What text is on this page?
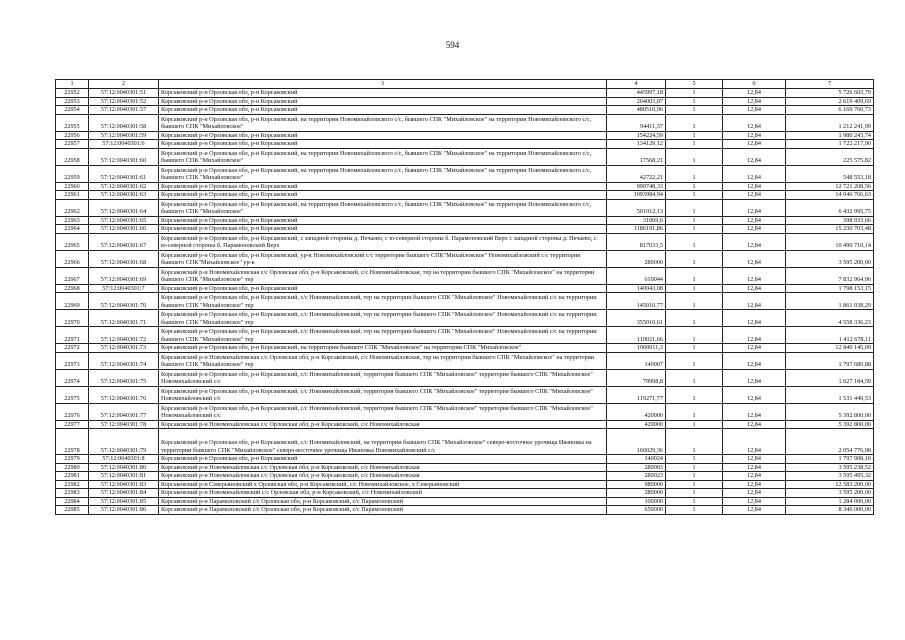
594
1	2	3	4	5	6	7
22952	57:12:0040301:51	Корсаковский р-н Орловская обл, р-н Корсаковский	445997,18	1	12,84	5 726 603,79
22953	57:12:0040301:52	Корсаковский р-н Орловская обл, р-н Корсаковский	204003,87	1	12,84	2 619 409,69
22954	57:12:0040301:57	Корсаковский р-н Орловская обл, р-н Корсаковский	480510,96	1	12,84	6 169 760,73
22955	57:12:0040301:58	Корсаковский р-н Орловская обл, р-н Корсаковский, на территории Новомихайловского с/с, бывшего СПК "Михайловское" на территории Новомихайловского с/с, бывшего СПК "Михайловское"	94411,37	1	12,84	1 212 241,99
22956	57:12:0040301:59	Корсаковский р-н Орловская обл, р-н Корсаковский	154224,59	1	12,84	1 980 243,74
22957	57:12:0040301:6	Корсаковский р-н Орловская обл, р-н Корсаковский	134129,12	1	12,84	1 722 217,90
22958	57:12:0040301:60	Корсаковский р-н Орловская обл, р-н Корсаковский, на территории Новомихайловского с/с, бывшего СПК "Михайловское" на территории Новомихайловского с/с, бывшего СПК "Михайловское"	17568,21	1	12,84	225 575,82
22959	57:12:0040301:61	Корсаковский р-н Орловская обл, р-н Корсаковский, на территории Новомихайловского с/с, бывшего СПК "Михайловское" на территории Новомихайловского с/с, бывшего СПК "Михайловское"	42722,21	1	12,84	548 553,18
22960	57:12:0040301:62	Корсаковский р-н Орловская обл, р-н Корсаковский	990748,33	1	12,84	12 721 208,56
22961	57:12:0040301:63	Корсаковский р-н Орловская обл, р-н Корсаковский	1093984,94	1	12,84	14 046 766,63
22962	57:12:0040301:64	Корсаковский р-н Орловская обл, р-н Корсаковский, на территории Новомихайловского с/с, бывшего СПК "Михайловское" на территории Новомихайловского с/с, бывшего СПК "Михайловское"	501012,13	1	12,84	6 432 995,75
22963	57:12:0040301:65	Корсаковский р-н Орловская обл, р-н Корсаковский	31069,6	1	12,84	398 933,66
22964	57:12:0040301:66	Корсаковский р-н Орловская обл, р-н Корсаковский	1186191,86	1	12,84	15 230 703,48
22965	57:12:0040301:67	Корсаковский р-н Орловская обл, р-н Корсаковский, с западной стороны д. Нечаево, с ю-северной стороны б. Парамоновский Верх с западной стороны д. Нечаево, с ю-северной стороны б. Парамоновский Верх	817033,5	1	12,84	10 490 710,14
22966	57:12:0040301:68	Корсаковский р-н Орловская обл, р-н Корсаковский, ур-к Новомихайловский с/с территория бывшего СПК"Михайловское" Новомихайловский с/с территория бывшего СПК"Михайловское" ур-к	280000	1	12,84	3 595 200,00
22967	57:12:0040301:69	Корсаковский р-н Новомихайловская с/с Орловская обл, р-н Корсаковский, с/с Новомихайловская, тер на территории бывшего СПК "Михайловское" на территории бывшего СПК "Михайловское" тер	610044	1	12,84	7 832 964,96
22968	57:12:0040301:7	Корсаковский р-н Орловская обл, р-н Корсаковский	140043,08	1	12,84	1 798 153,15
22969	57:12:0040301:70	Корсаковский р-н Орловская обл, р-н Корсаковский, с/с Новомихайловский, тер на территории бывшего СПК "Михайловское" Новомихайловский с/с на территории бывшего СПК "Михайловское" тер	145010,77	1	12,84	1 861 938,29
22970	57:12:0040301:71	Корсаковский р-н Орловская обл, р-н Корсаковский, с/с Новомихайловский, тер на территории бывшего СПК "Михайловское" Новомихайловский с/с на территории бывшего СПК "Михайловское" тер	355010,61	1	12,84	4 558 336,23
22971	57:12:0040301:72	Корсаковский р-н Орловская обл, р-н Корсаковский, с/с Новомихайловский, тер на территории бывшего СПК "Михайловское" Новомихайловский с/с на территории бывшего СПК "Михайловское" тер	110021,66	1	12,84	1 412 678,11
22972	57:12:0040301:73	Корсаковский р-н Орловская обл, р-н Корсаковский, на территории бывшего СПК "Михайловское" на территории СПК "Михайловское"	1000011,3	1	12,84	12 840 145,09
22973	57:12:0040301:74	Корсаковский р-н Новомихайловская с/с Орловская обл, р-н Корсаковский, с/с Новомихайловская, тер на территории бывшего СПК "Михайловское" на территории бывшего СПК "Михайловское" тер	140007	1	12,84	1 797 689,88
22974	57:12:0040301:75	Корсаковский р-н Орловская обл, р-н Корсаковский, с/с Новомихайловский, территория бывшего СПК "Михайловское" территория бывшего СПК "Михайловское" Новомихайловский с/с	79998,8	1	12,84	1 027 184,59
22975	57:12:0040301:76	Корсаковский р-н Орловская обл, р-н Корсаковский, с/с Новомихайловский, территория бывшего СПК "Михайловское" территория бывшего СПК "Михайловское" Новомихайловский с/с	119271,77	1	12,84	1 531 449,53
22976	57:12:0040301:77	Корсаковский р-н Орловская обл, р-н Корсаковский, с/с Новомихайловский, территория бывшего СПК "Михайловское" территория бывшего СПК "Михайловское" Новомихайловский с/с	420000	1	12,84	5 392 800,00
22977	57:12:0040301:78	Корсаковский р-н Новомихайловская с/с Орловская обл, р-н Корсаковский, с/с Новомихайловская	420000	1	12,84	5 392 800,00
22978	57:12:0040301:79	Корсаковский р-н Орловская обл, р-н Корсаковский, с/с Новомихайловский, на территории бывшего СПК "Михайловское" северо-восточнее урочища Ивановка на территории бывшего СПК "Михайловское" северо-восточнее урочища Ивановка Новомихайловский с/с	160029,36	1	12,84	2 054 776,98
22979	57:12:0040301:8	Корсаковский р-н Орловская обл, р-н Корсаковский	140024	1	12,84	1 797 908,16
22980	57:12:0040301:80	Корсаковский р-н Новомихайловская с/с Орловская обл, р-н Корсаковский, с/с Новомихайловская	280003	1	12,84	3 595 238,52
22981	57:12:0040301:81	Корсаковский р-н Новомихайловская с/с Орловская обл, р-н Корсаковский, с/с Новомихайловская	280023	1	12,84	3 595 495,32
22982	57:12:0040301:83	Корсаковский р-н Северьяновский х Орловская обл, р-н Корсаковский, с/с Новомихайловское, х Северьяновский	980000	1	12,84	12 583 200,00
22983	57:12:0040301:84	Корсаковский р-н Новомихайловский с/с Орловская обл, р-н Корсаковский, с/с Новомихайловский	280000	1	12,84	3 595 200,00
22984	57:12:0040301:85	Корсаковский р-н Парамоновский с/с Орловская обл, р-н Корсаковский, с/с Парамоновский	100000	1	12,84	1 284 000,00
22985	57:12:0040301:86	Корсаковский р-н Парамоновский с/с Орловская обл, р-н Корсаковский, с/с Парамоновский	650000	1	12,84	8 346 000,00
